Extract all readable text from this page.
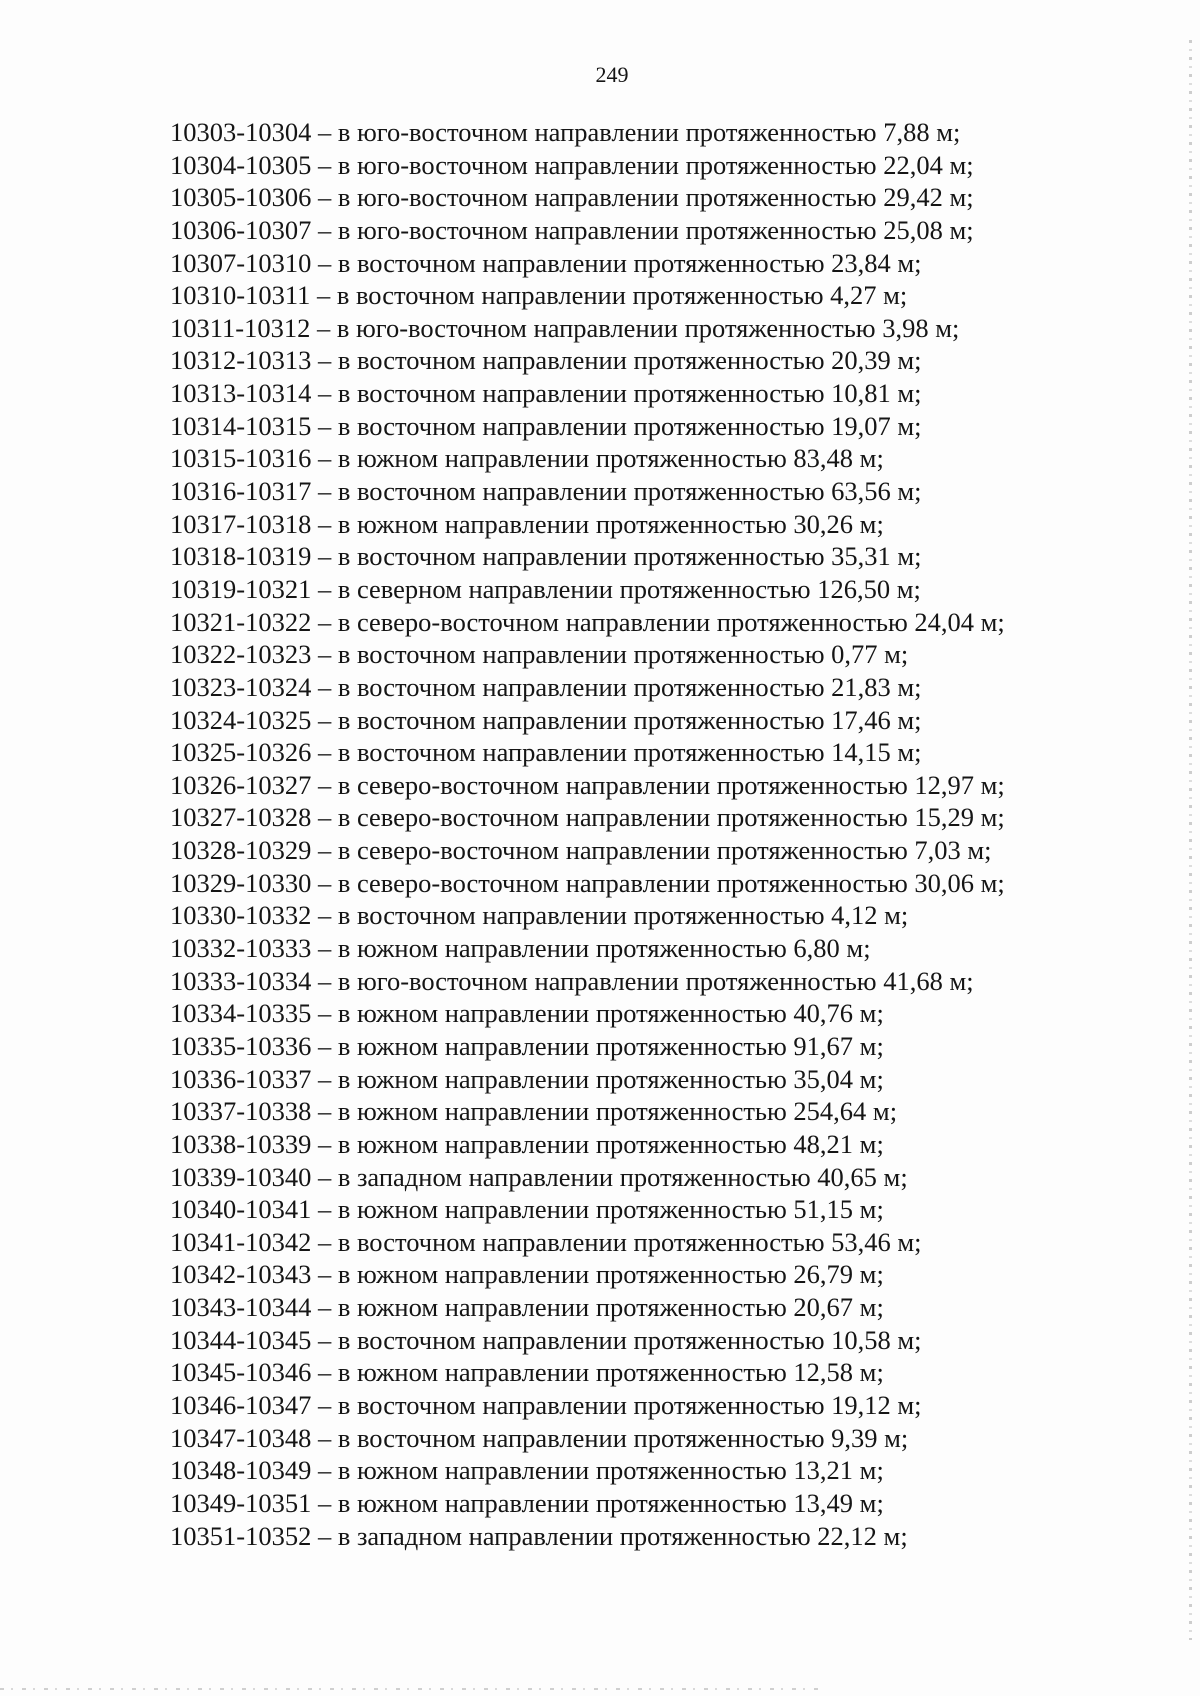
249
10303-10304 – в юго-восточном направлении протяженностью 7,88 м;
10304-10305 – в юго-восточном направлении протяженностью 22,04 м;
10305-10306 – в юго-восточном направлении протяженностью 29,42 м;
10306-10307 – в юго-восточном направлении протяженностью 25,08 м;
10307-10310 – в восточном направлении протяженностью 23,84 м;
10310-10311 – в восточном направлении протяженностью 4,27 м;
10311-10312 – в юго-восточном направлении протяженностью 3,98 м;
10312-10313 – в восточном направлении протяженностью 20,39 м;
10313-10314 – в восточном направлении протяженностью 10,81 м;
10314-10315 – в восточном направлении протяженностью 19,07 м;
10315-10316 – в южном направлении протяженностью 83,48 м;
10316-10317 – в восточном направлении протяженностью 63,56 м;
10317-10318 – в южном направлении протяженностью 30,26 м;
10318-10319 – в восточном направлении протяженностью 35,31 м;
10319-10321 – в северном направлении протяженностью 126,50 м;
10321-10322 – в северо-восточном направлении протяженностью 24,04 м;
10322-10323 – в восточном направлении протяженностью 0,77 м;
10323-10324 – в восточном направлении протяженностью 21,83 м;
10324-10325 – в восточном направлении протяженностью 17,46 м;
10325-10326 – в восточном направлении протяженностью 14,15 м;
10326-10327 – в северо-восточном направлении протяженностью 12,97 м;
10327-10328 – в северо-восточном направлении протяженностью 15,29 м;
10328-10329 – в северо-восточном направлении протяженностью 7,03 м;
10329-10330 – в северо-восточном направлении протяженностью 30,06 м;
10330-10332 – в восточном направлении протяженностью 4,12 м;
10332-10333 – в южном направлении протяженностью 6,80 м;
10333-10334 – в юго-восточном направлении протяженностью 41,68 м;
10334-10335 – в южном направлении протяженностью 40,76 м;
10335-10336 – в южном направлении протяженностью 91,67 м;
10336-10337 – в южном направлении протяженностью 35,04 м;
10337-10338 – в южном направлении протяженностью 254,64 м;
10338-10339 – в южном направлении протяженностью 48,21 м;
10339-10340 – в западном направлении протяженностью 40,65 м;
10340-10341 – в южном направлении протяженностью 51,15 м;
10341-10342 – в восточном направлении протяженностью 53,46 м;
10342-10343 – в южном направлении протяженностью 26,79 м;
10343-10344 – в южном направлении протяженностью 20,67 м;
10344-10345 – в восточном направлении протяженностью 10,58 м;
10345-10346 – в южном направлении протяженностью 12,58 м;
10346-10347 – в восточном направлении протяженностью 19,12 м;
10347-10348 – в восточном направлении протяженностью 9,39 м;
10348-10349 – в южном направлении протяженностью 13,21 м;
10349-10351 – в южном направлении протяженностью 13,49 м;
10351-10352 – в западном направлении протяженностью 22,12 м;
